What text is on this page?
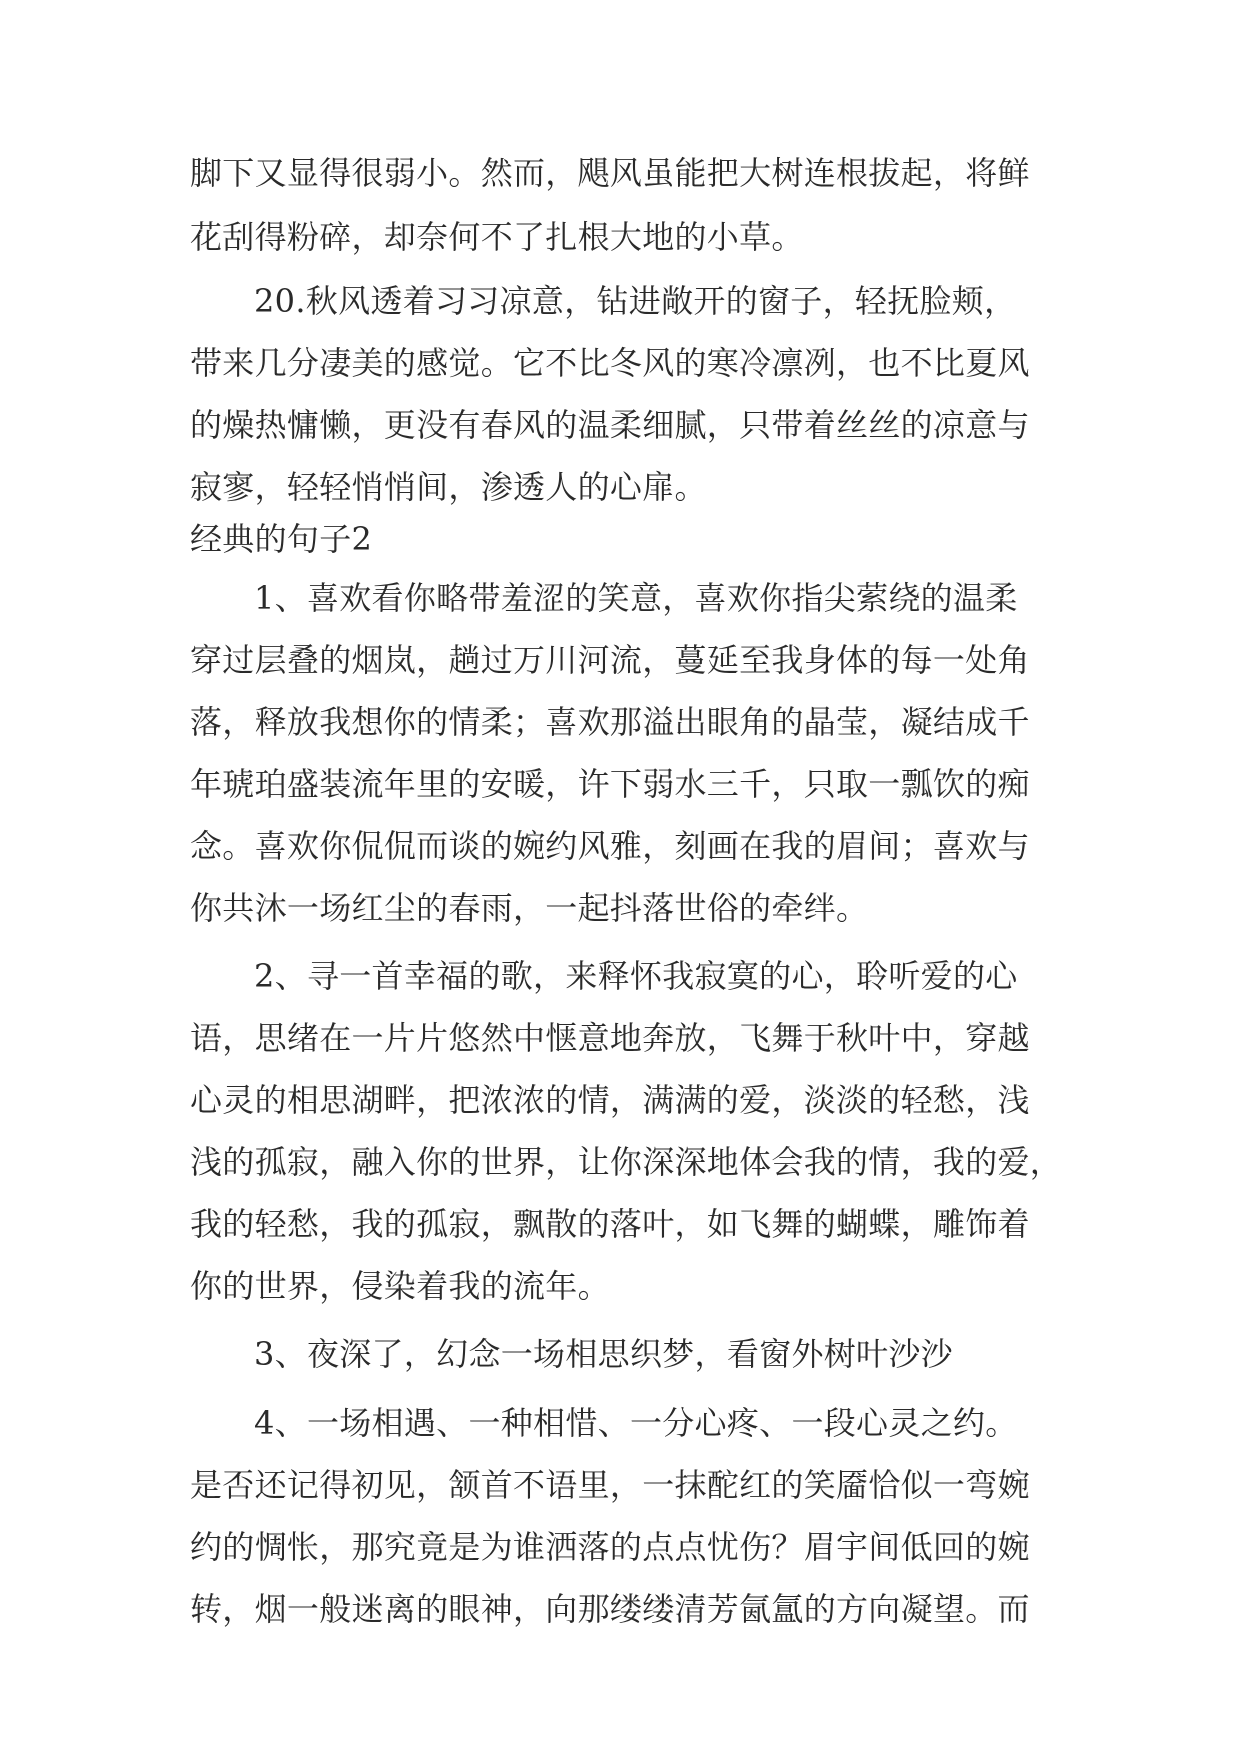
脚下又显得很弱小。然而，飓风虽能把大树连根拔起，将鲜
花刮得粉碎，却奈何不了扎根大地的小草。
20.秋风透着习习凉意，钻进敞开的窗子，轻抚脸颊，
带来几分凄美的感觉。它不比冬风的寒冷凛冽，也不比夏风
的燥热慵懒，更没有春风的温柔细腻，只带着丝丝的凉意与
寂寥，轻轻悄悄间，渗透人的心扉。
经典的句子2
1、喜欢看你略带羞涩的笑意，喜欢你指尖萦绕的温柔
穿过层叠的烟岚，趟过万川河流，蔓延至我身体的每一处角
落，释放我想你的情柔；喜欢那溢出眼角的晶莹，凝结成千
年琥珀盛装流年里的安暖，许下弱水三千，只取一瓢饮的痴
念。喜欢你侃侃而谈的婉约风雅，刻画在我的眉间；喜欢与
你共沐一场红尘的春雨，一起抖落世俗的牵绊。
2、寻一首幸福的歌，来释怀我寂寞的心，聆听爱的心
语，思绪在一片片悠然中惬意地奔放，飞舞于秋叶中，穿越
心灵的相思湖畔，把浓浓的情，满满的爱，淡淡的轻愁，浅
浅的孤寂，融入你的世界，让你深深地体会我的情，我的爱，
我的轻愁，我的孤寂，飘散的落叶，如飞舞的蝴蝶，雕饰着
你的世界，侵染着我的流年。
3、夜深了，幻念一场相思织梦，看窗外树叶沙沙
4、一场相遇、一种相惜、一分心疼、一段心灵之约。
是否还记得初见，颔首不语里，一抹酡红的笑靥恰似一弯婉
约的惆怅，那究竟是为谁洒落的点点忧伤？眉宇间低回的婉
转，烟一般迷离的眼神，向那缕缕清芳氤氲的方向凝望。而
